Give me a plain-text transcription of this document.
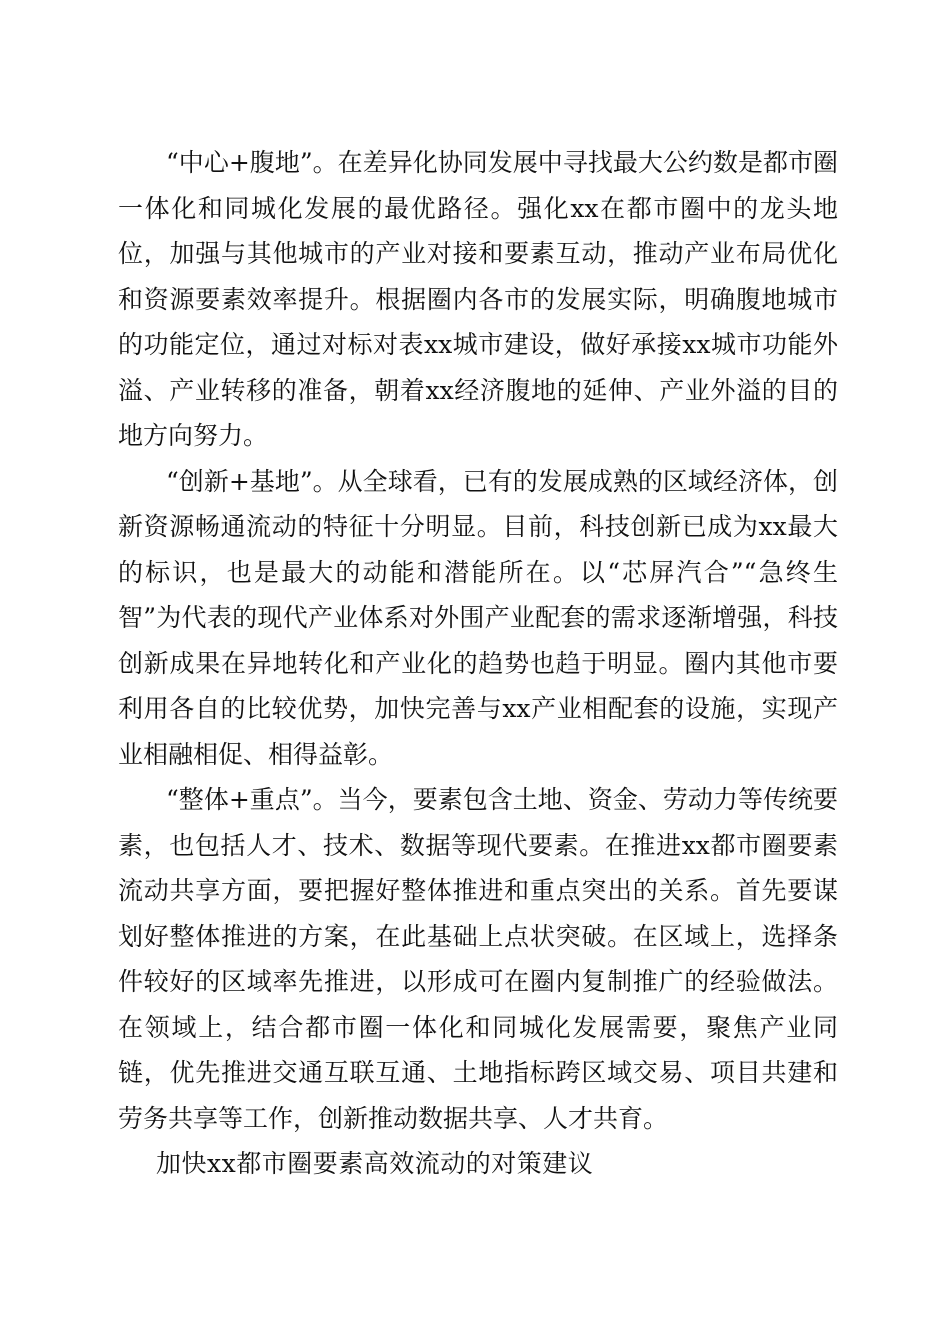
“中心+腹地”。在差异化协同发展中寻找最大公约数是都市圈一体化和同城化发展的最优路径。强化xx在都市圈中的龙头地位，加强与其他城市的产业对接和要素互动，推动产业布局优化和资源要素效率提升。根据圈内各市的发展实际，明确腹地城市的功能定位，通过对标对表xx城市建设，做好承接xx城市功能外溢、产业转移的准备，朝着xx经济腹地的延伸、产业外溢的目的地方向努力。

“创新+基地”。从全球看，已有的发展成熟的区域经济体，创新资源畅通流动的特征十分明显。目前，科技创新已成为xx最大的标识，也是最大的动能和潜能所在。以“芯屏汽合”“急终生智”为代表的现代产业体系对外围产业配套的需求逐渐增强，科技创新成果在异地转化和产业化的趋势也趋于明显。圈内其他市要利用各自的比较优势，加快完善与xx产业相配套的设施，实现产业相融相促、相得益彰。

“整体+重点”。当今，要素包含土地、资金、劳动力等传统要素，也包括人才、技术、数据等现代要素。在推进xx都市圈要素流动共享方面，要把握好整体推进和重点突出的关系。首先要谋划好整体推进的方案，在此基础上点状突破。在区域上，选择条件较好的区域率先推进，以形成可在圈内复制推广的经验做法。在领域上，结合都市圈一体化和同城化发展需要，聚焦产业同链，优先推进交通互联互通、土地指标跨区域交易、项目共建和劳务共享等工作，创新推动数据共享、人才共育。

加快xx都市圈要素高效流动的对策建议
